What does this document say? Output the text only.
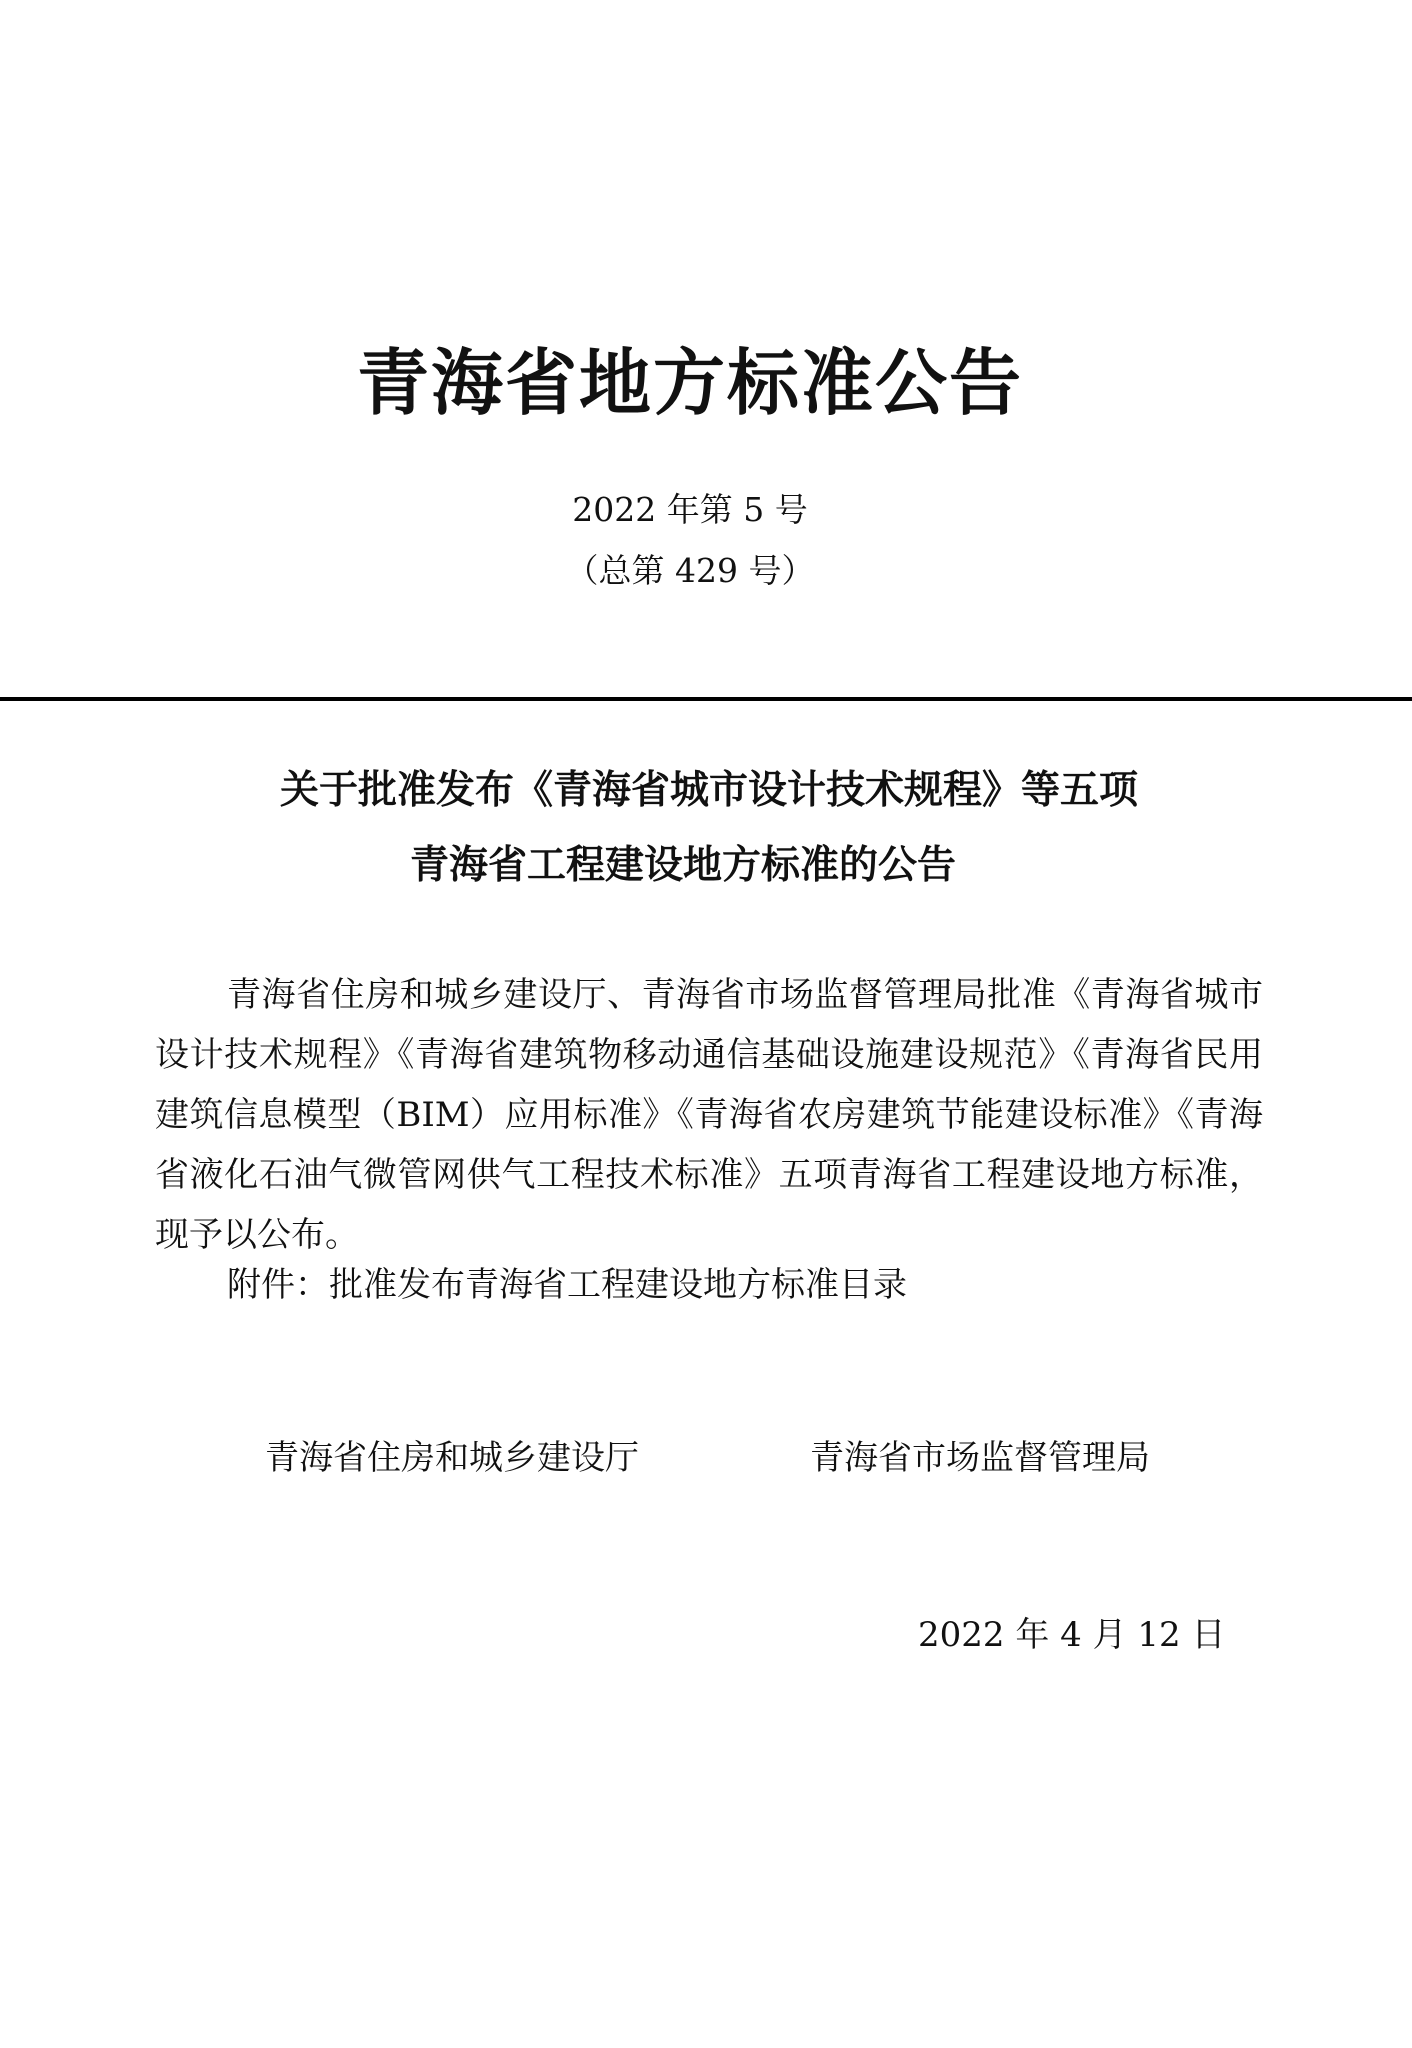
青海省地方标准公告
2022 年第 5 号
（总第 429 号）
关于批准发布《青海省城市设计技术规程》等五项
青海省工程建设地方标准的公告
青海省住房和城乡建设厅、青海省市场监督管理局批准《青海省城市设计技术规程》《青海省建筑物移动通信基础设施建设规范》《青海省民用建筑信息模型（BIM）应用标准》《青海省农房建筑节能建设标准》《青海省液化石油气微管网供气工程技术标准》五项青海省工程建设地方标准，现予以公布。
附件：批准发布青海省工程建设地方标准目录
青海省住房和城乡建设厅	青海省市场监督管理局
2022 年 4 月 12 日
